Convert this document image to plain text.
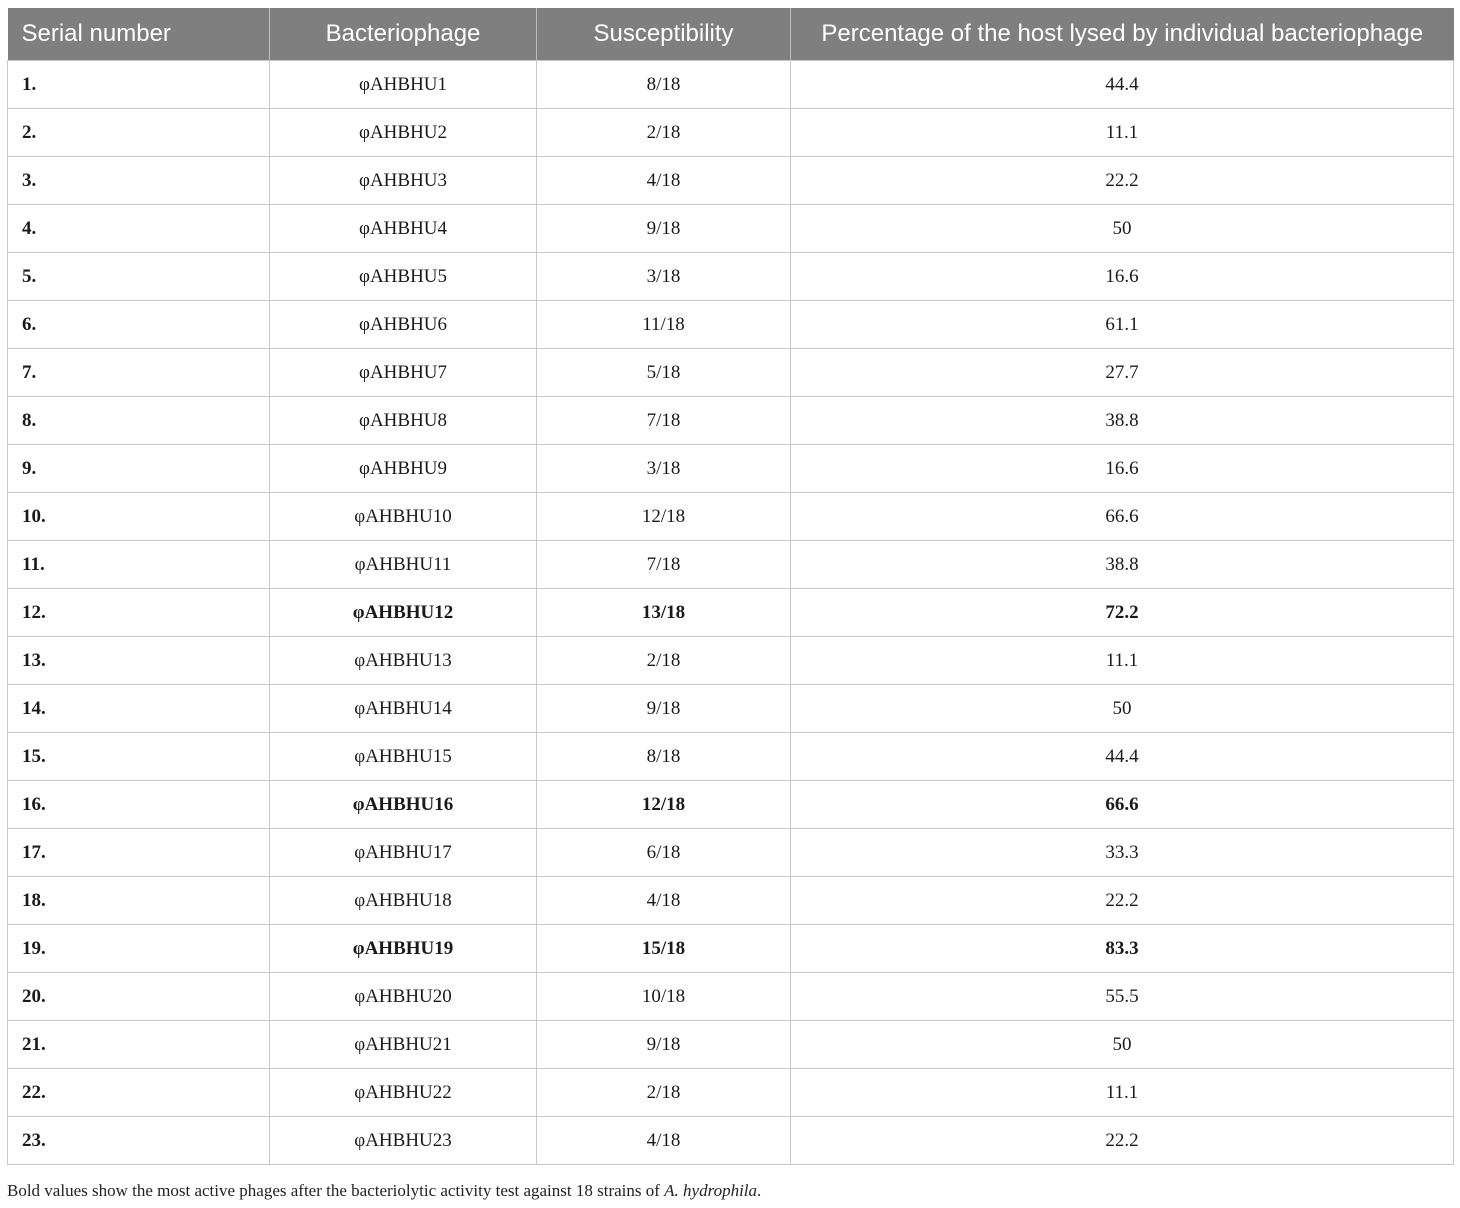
Serial number	Bacteriophage	Susceptibility	Percentage of the host lysed by individual bacteriophage
1.	φAHBHU1	8/18	44.4
2.	φAHBHU2	2/18	11.1
3.	φAHBHU3	4/18	22.2
4.	φAHBHU4	9/18	50
5.	φAHBHU5	3/18	16.6
6.	φAHBHU6	11/18	61.1
7.	φAHBHU7	5/18	27.7
8.	φAHBHU8	7/18	38.8
9.	φAHBHU9	3/18	16.6
10.	φAHBHU10	12/18	66.6
11.	φAHBHU11	7/18	38.8
12.	φAHBHU12	13/18	72.2
13.	φAHBHU13	2/18	11.1
14.	φAHBHU14	9/18	50
15.	φAHBHU15	8/18	44.4
16.	φAHBHU16	12/18	66.6
17.	φAHBHU17	6/18	33.3
18.	φAHBHU18	4/18	22.2
19.	φAHBHU19	15/18	83.3
20.	φAHBHU20	10/18	55.5
21.	φAHBHU21	9/18	50
22.	φAHBHU22	2/18	11.1
23.	φAHBHU23	4/18	22.2
Bold values show the most active phages after the bacteriolytic activity test against 18 strains of A. hydrophila.
